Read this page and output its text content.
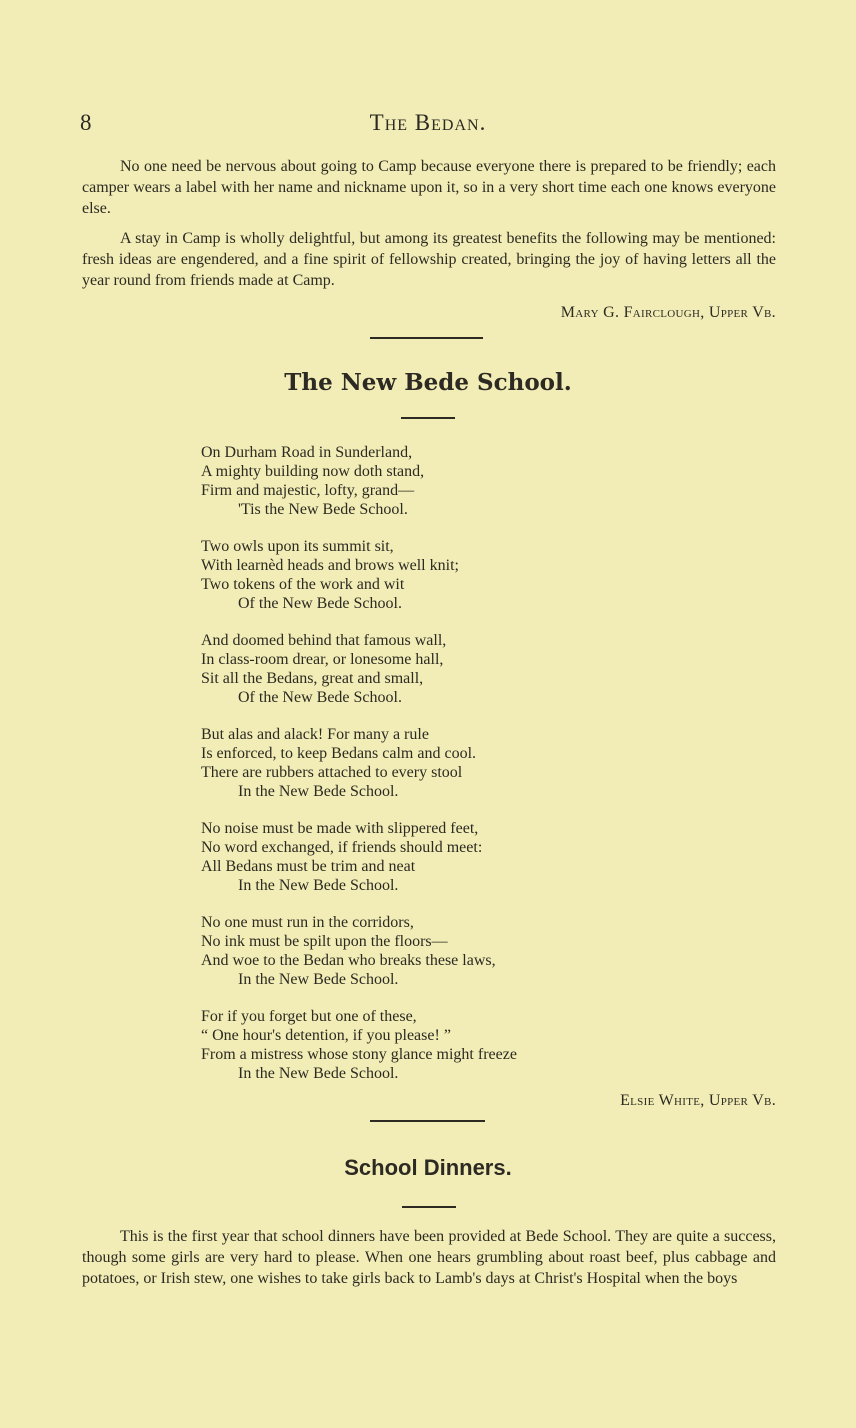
8	The Bedan.

No one need be nervous about going to Camp because everyone there is prepared to be friendly; each camper wears a label with her name and nickname upon it, so in a very short time each one knows everyone else.

A stay in Camp is wholly delightful, but among its greatest benefits the following may be mentioned: fresh ideas are engendered, and a fine spirit of fellowship created, bringing the joy of having letters all the year round from friends made at Camp.

Mary G. Fairclough, Upper Vb.
The New Bede School.
On Durham Road in Sunderland,
A mighty building now doth stand,
Firm and majestic, lofty, grand—
'Tis the New Bede School.
Two owls upon its summit sit,
With learnèd heads and brows well knit;
Two tokens of the work and wit
Of the New Bede School.
And doomed behind that famous wall,
In class-room drear, or lonesome hall,
Sit all the Bedans, great and small,
Of the New Bede School.
But alas and alack! For many a rule
Is enforced, to keep Bedans calm and cool.
There are rubbers attached to every stool
In the New Bede School.
No noise must be made with slippered feet,
No word exchanged, if friends should meet:
All Bedans must be trim and neat
In the New Bede School.
No one must run in the corridors,
No ink must be spilt upon the floors—
And woe to the Bedan who breaks these laws,
In the New Bede School.
For if you forget but one of these,
“ One hour's detention, if you please! ”
From a mistress whose stony glance might freeze
In the New Bede School.
Elsie White, Upper Vb.
School Dinners.

This is the first year that school dinners have been provided at Bede School. They are quite a success, though some girls are very hard to please. When one hears grumbling about roast beef, plus cabbage and potatoes, or Irish stew, one wishes to take girls back to Lamb's days at Christ's Hospital when the boys
